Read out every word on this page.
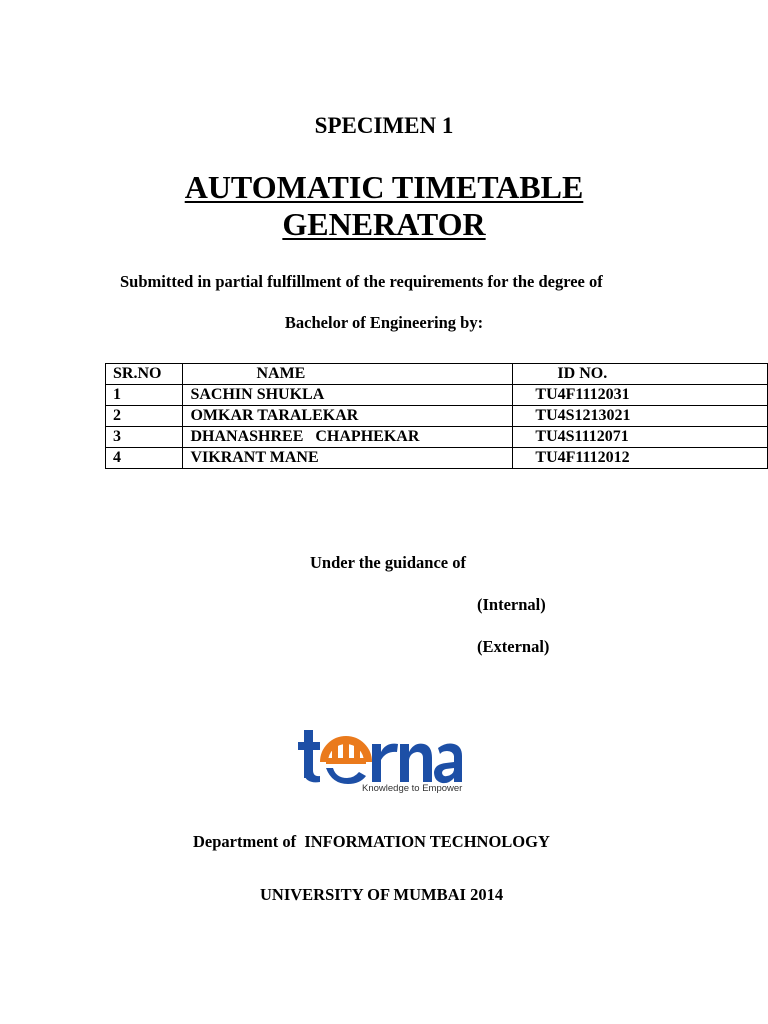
SPECIMEN 1
AUTOMATIC TIMETABLE
GENERATOR
Submitted in partial fulfillment of the requirements for the degree of
Bachelor of Engineering by:
SR.NO	NAME	ID NO.
1	SACHIN SHUKLA	TU4F1112031
2	OMKAR TARALEKAR	TU4S1213021
3	DHANASHREE   CHAPHEKAR	TU4S1112071
4	VIKRANT MANE	TU4F1112012
Under the guidance of
(Internal)
(External)
Knowledge to Empower
Department of  INFORMATION TECHNOLOGY
UNIVERSITY OF MUMBAI 2014
